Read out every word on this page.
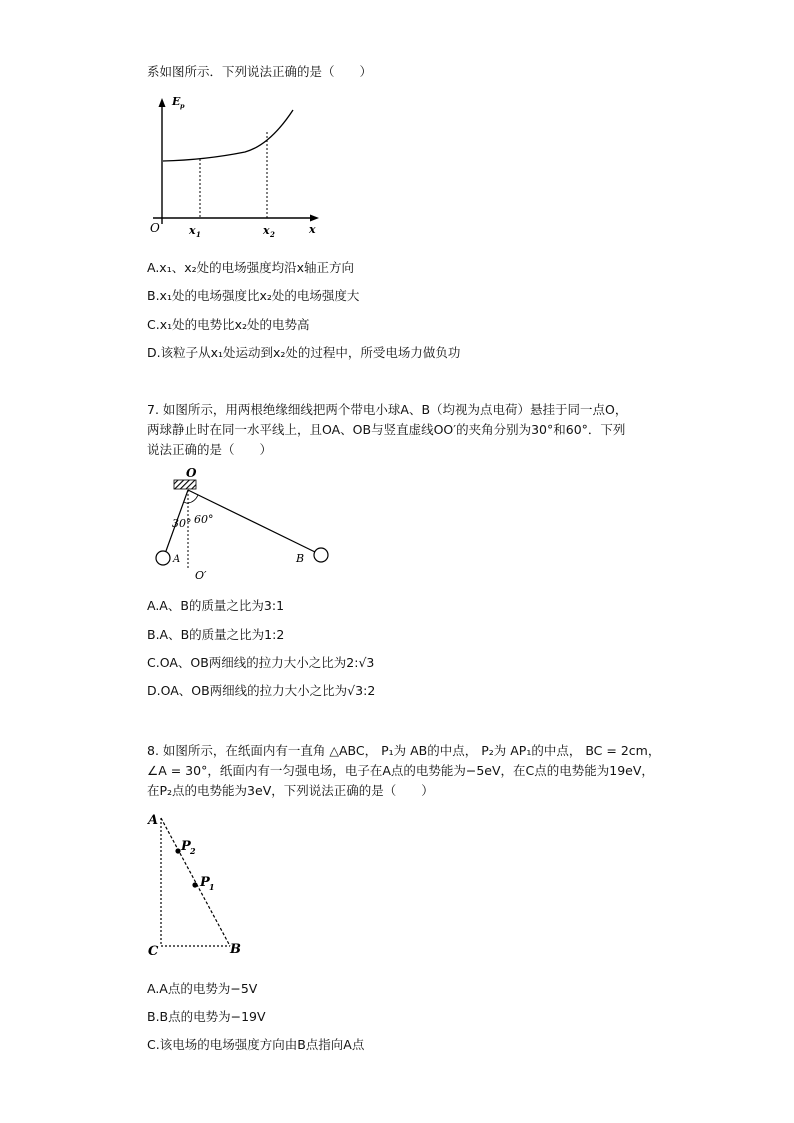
系如图所示．下列说法正确的是（　　）
E p
O	x 1	x 2	x
A.x₁、x₂处的电场强度均沿x轴正方向
B.x₁处的电场强度比x₂处的电场强度大
C.x₁处的电势比x₂处的电势高
D.该粒子从x₁处运动到x₂处的过程中，所受电场力做负功
7. 如图所示，用两根绝缘细线把两个带电小球A、B（均视为点电荷）悬挂于同一点O，
两球静止时在同一水平线上，且OA、OB与竖直虚线OO′的夹角分别为30°和60°．下列
说法正确的是（　　）
O
30° 60°
A	B
O′
A.A、B的质量之比为3:1
B.A、B的质量之比为1:2
C.OA、OB两细线的拉力大小之比为2:√3
D.OA、OB两细线的拉力大小之比为√3:2
8. 如图所示，在纸面内有一直角 △ABC， P₁为 AB的中点， P₂为 AP₁的中点， BC = 2cm，
∠A = 30°，纸面内有一匀强电场，电子在A点的电势能为−5eV，在C点的电势能为19eV，
在P₂点的电势能为3eV，下列说法正确的是（　　）
A
C	B
P 2
P 1
A.A点的电势为−5V
B.B点的电势为−19V
C.该电场的电场强度方向由B点指向A点
